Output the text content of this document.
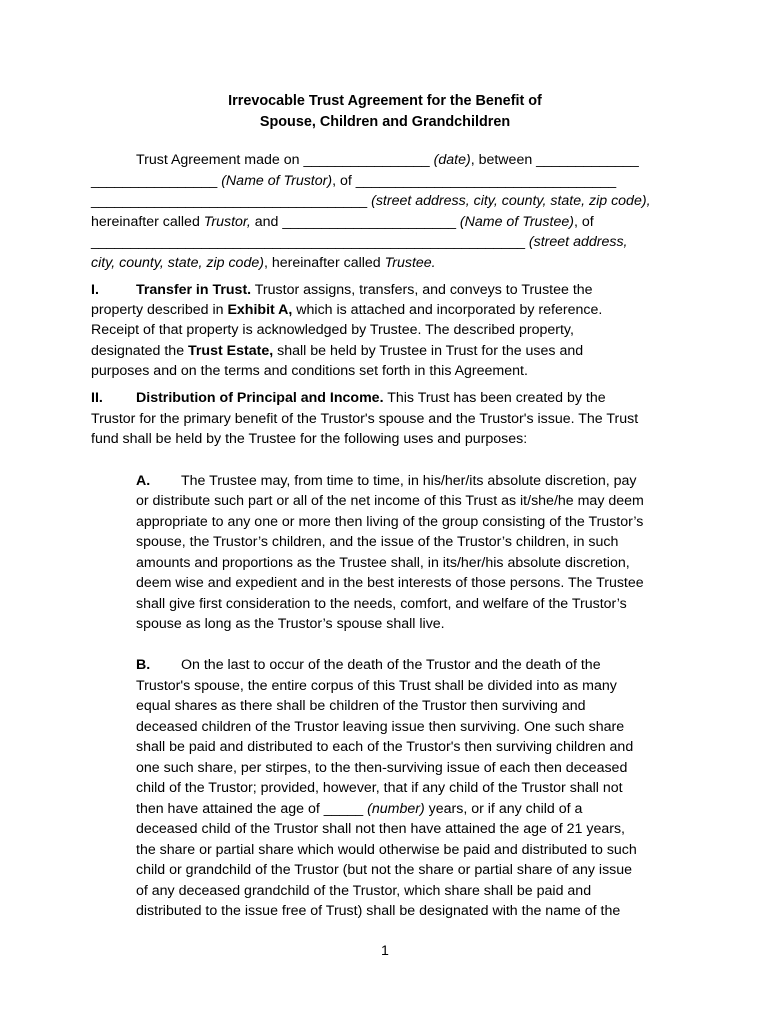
Irrevocable Trust Agreement for the Benefit of
Spouse, Children and Grandchildren
Trust Agreement made on ________________ (date), between _____________
________________ (Name of Trustor), of _________________________________
___________________________________ (street address, city, county, state, zip code),
hereinafter called Trustor, and ______________________ (Name of Trustee), of
_______________________________________________________ (street address,
city, county, state, zip code), hereinafter called Trustee.
I.	Transfer in Trust. Trustor assigns, transfers, and conveys to Trustee the
property described in Exhibit A, which is attached and incorporated by reference.
Receipt of that property is acknowledged by Trustee. The described property,
designated the Trust Estate, shall be held by Trustee in Trust for the uses and
purposes and on the terms and conditions set forth in this Agreement.
II. Distribution of Principal and Income. This Trust has been created by the
Trustor for the primary benefit of the Trustor's spouse and the Trustor's issue. The Trust
fund shall be held by the Trustee for the following uses and purposes:
A. The Trustee may, from time to time, in his/her/its absolute discretion, pay
or distribute such part or all of the net income of this Trust as it/she/he may deem
appropriate to any one or more then living of the group consisting of the Trustor’s
spouse, the Trustor’s children, and the issue of the Trustor’s children, in such
amounts and proportions as the Trustee shall, in its/her/his absolute discretion,
deem wise and expedient and in the best interests of those persons. The Trustee
shall give first consideration to the needs, comfort, and welfare of the Trustor’s
spouse as long as the Trustor’s spouse shall live.
B. On the last to occur of the death of the Trustor and the death of the
Trustor's spouse, the entire corpus of this Trust shall be divided into as many
equal shares as there shall be children of the Trustor then surviving and
deceased children of the Trustor leaving issue then surviving. One such share
shall be paid and distributed to each of the Trustor's then surviving children and
one such share, per stirpes, to the then-surviving issue of each then deceased
child of the Trustor; provided, however, that if any child of the Trustor shall not
then have attained the age of _____ (number) years, or if any child of a
deceased child of the Trustor shall not then have attained the age of 21 years,
the share or partial share which would otherwise be paid and distributed to such
child or grandchild of the Trustor (but not the share or partial share of any issue
of any deceased grandchild of the Trustor, which share shall be paid and
distributed to the issue free of Trust) shall be designated with the name of the
1
